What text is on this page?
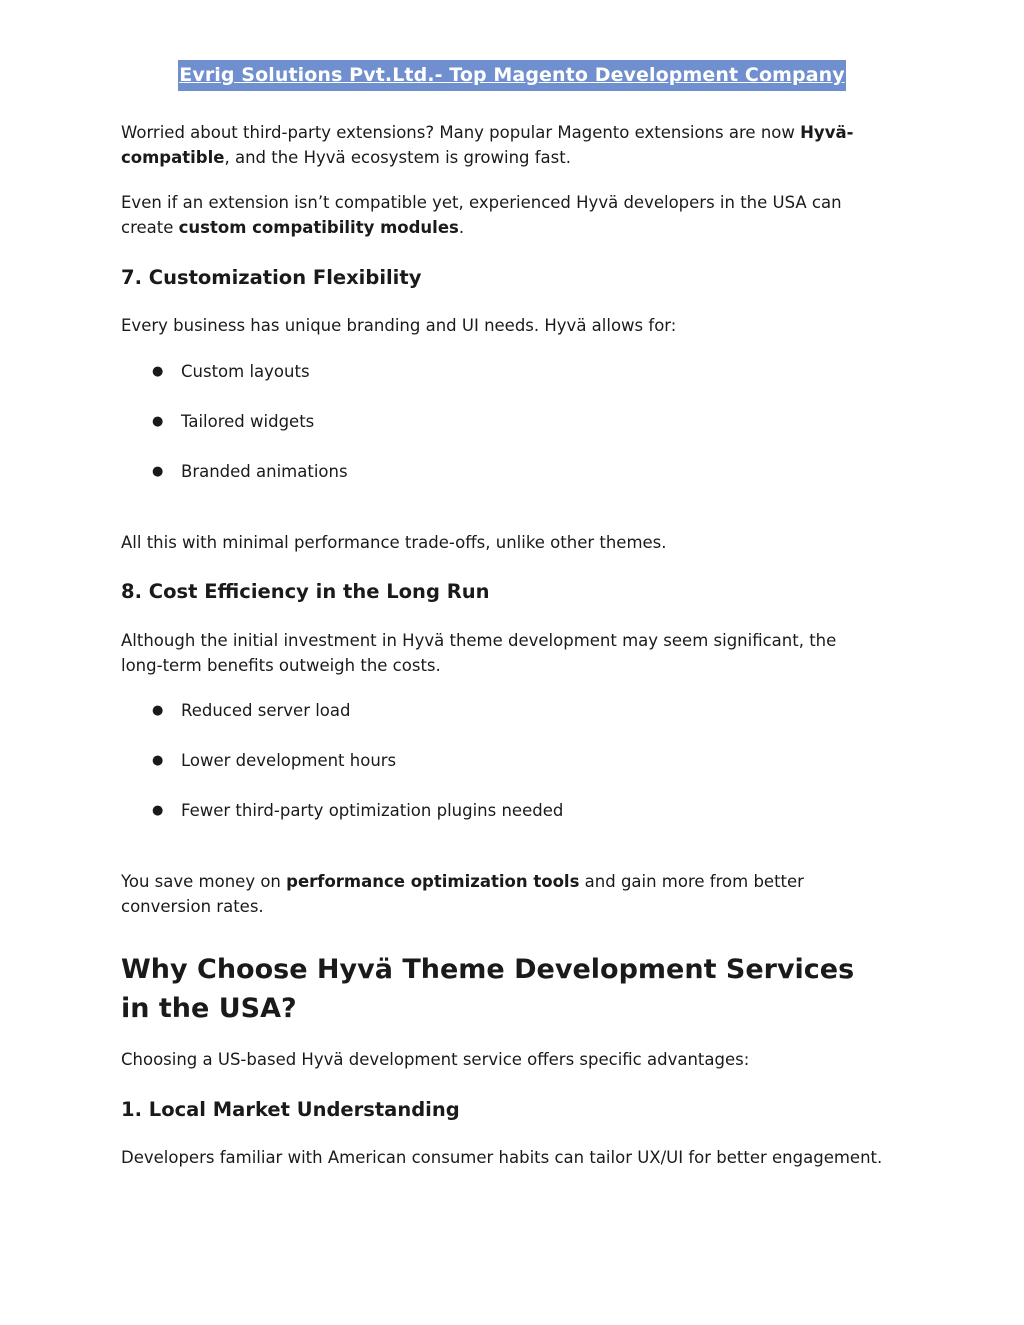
Evrig Solutions Pvt.Ltd.- Top Magento Development Company

Worried about third-party extensions? Many popular Magento extensions are now Hyvä-compatible, and the Hyvä ecosystem is growing fast.

Even if an extension isn’t compatible yet, experienced Hyvä developers in the USA can create custom compatibility modules.

7. Customization Flexibility

Every business has unique branding and UI needs. Hyvä allows for:

● Custom layouts
● Tailored widgets
● Branded animations

All this with minimal performance trade-offs, unlike other themes.

8. Cost Efficiency in the Long Run

Although the initial investment in Hyvä theme development may seem significant, the long-term benefits outweigh the costs.

● Reduced server load
● Lower development hours
● Fewer third-party optimization plugins needed

You save money on performance optimization tools and gain more from better conversion rates.

Why Choose Hyvä Theme Development Services in the USA?

Choosing a US-based Hyvä development service offers specific advantages:

1. Local Market Understanding

Developers familiar with American consumer habits can tailor UX/UI for better engagement.
